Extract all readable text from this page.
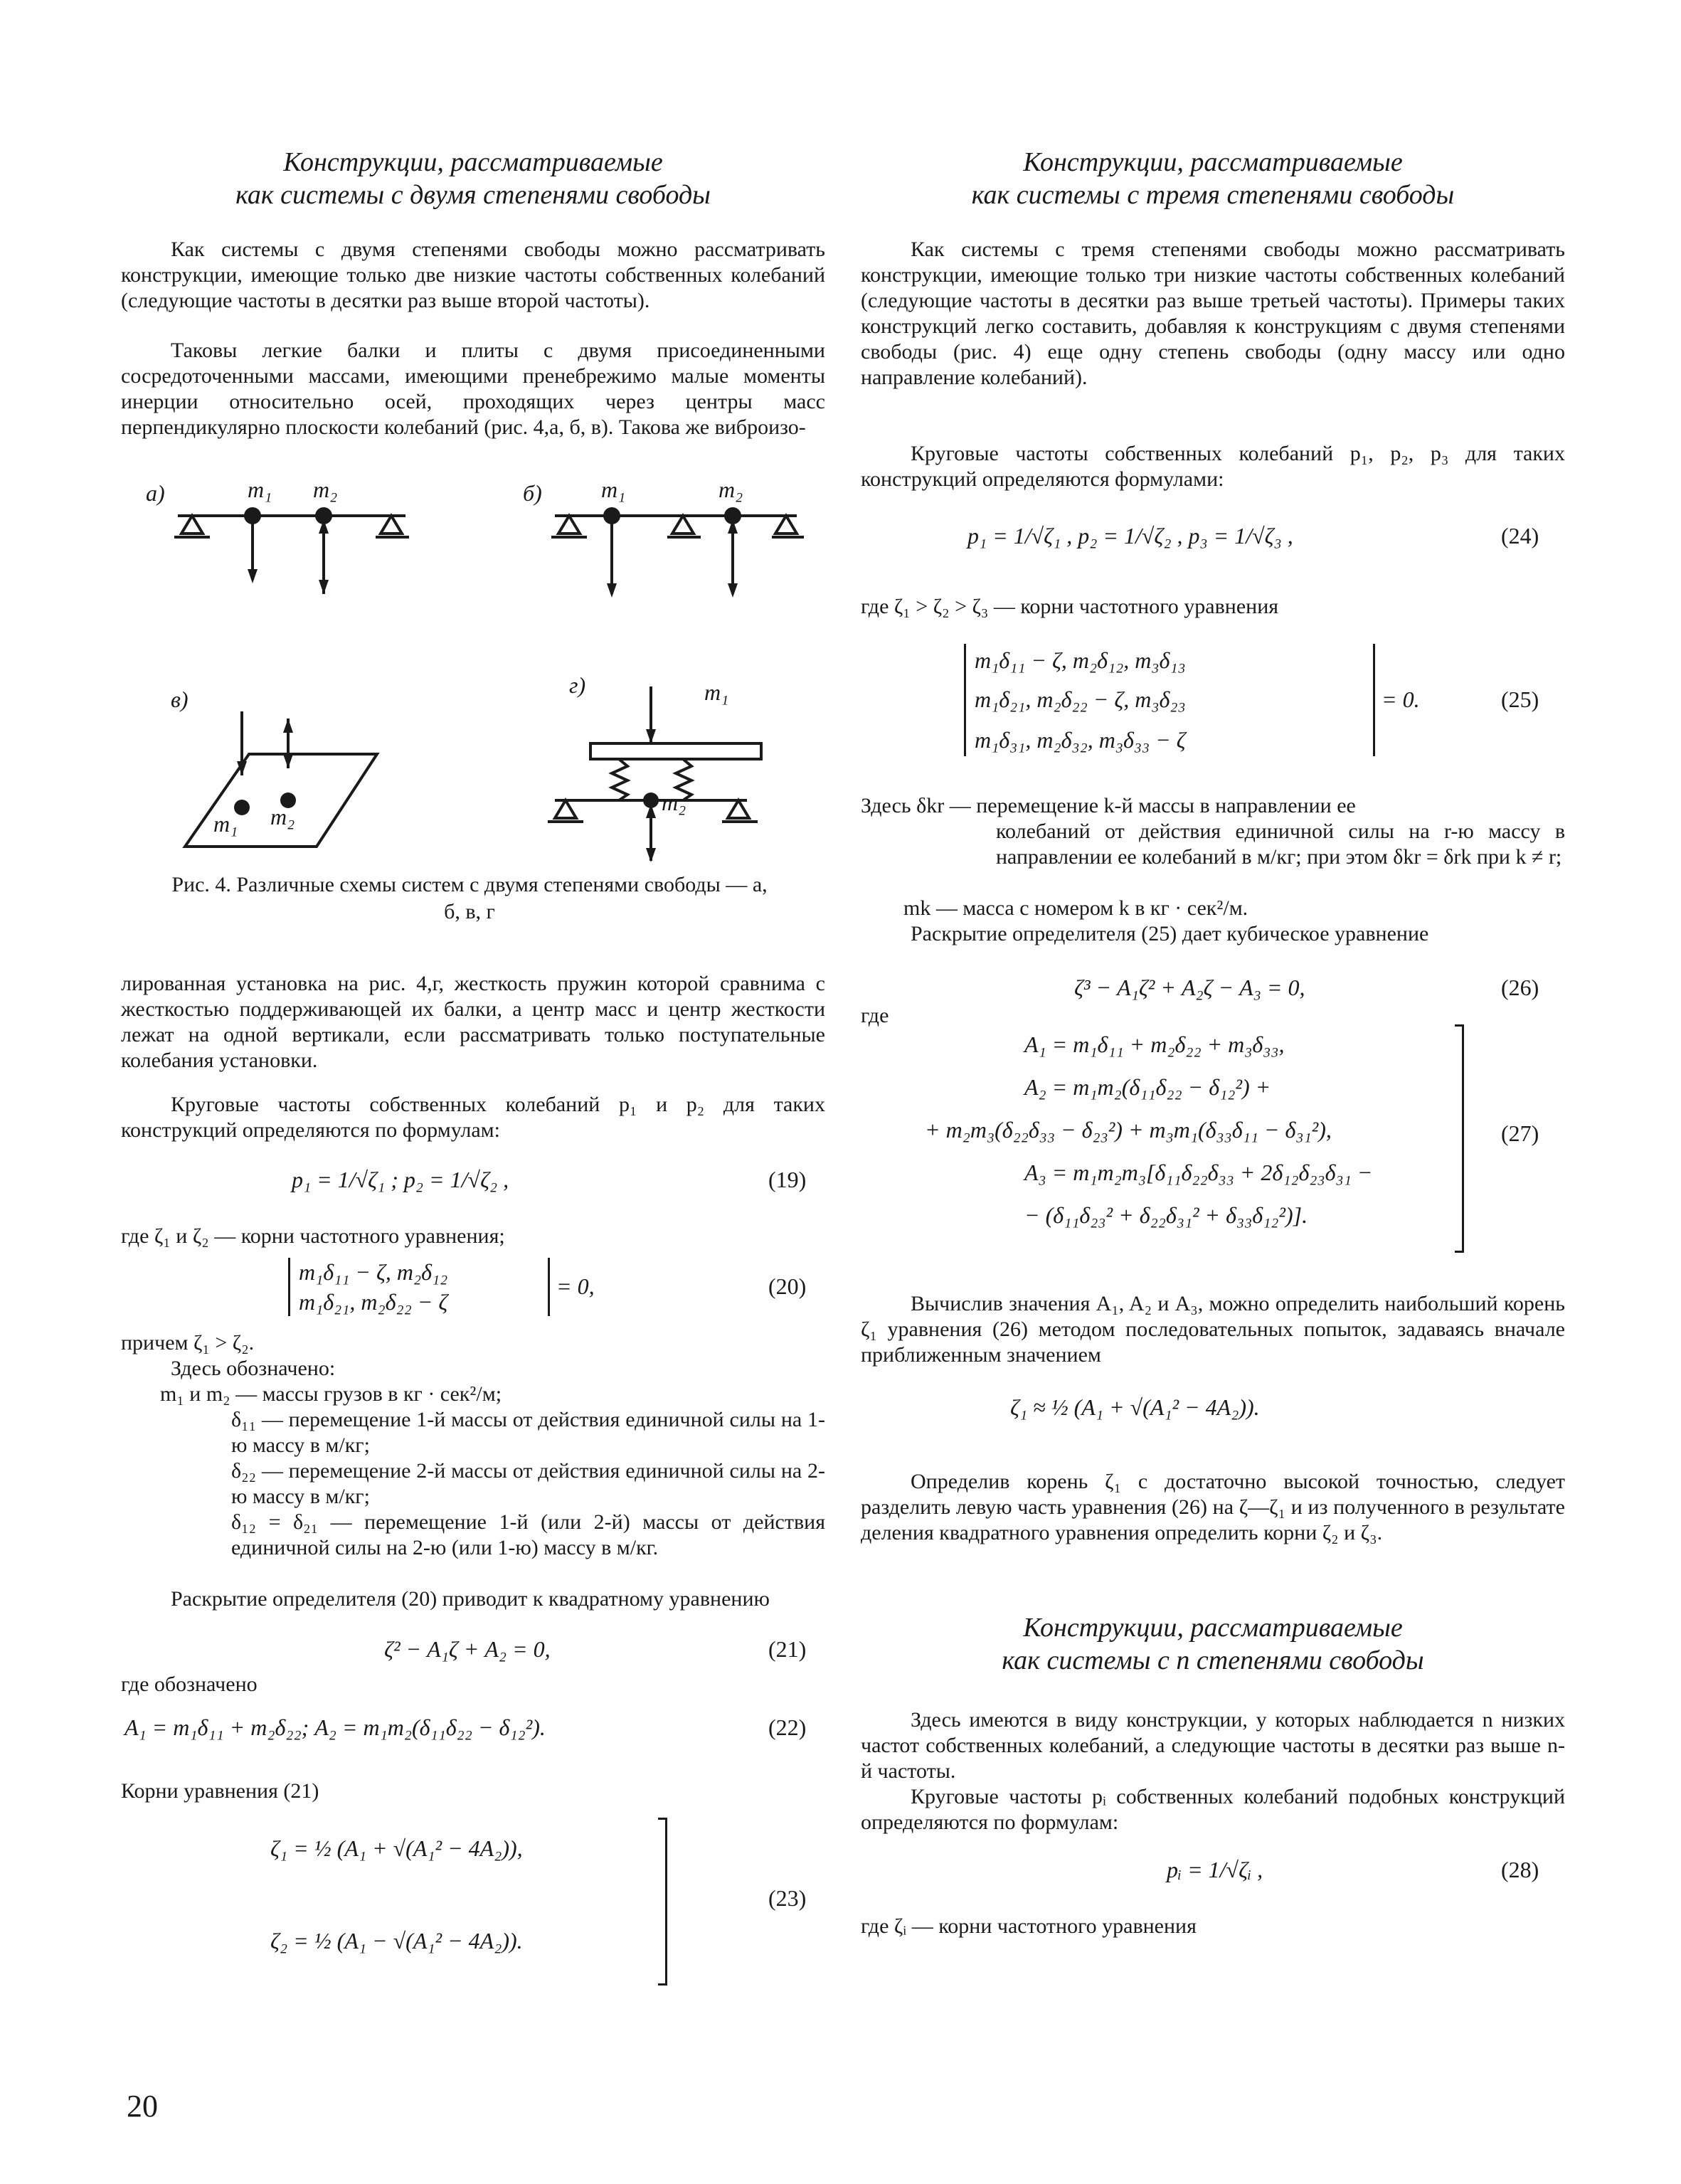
Конструкции, рассматриваемые
как системы с двумя степенями свободы
Как системы с двумя степенями свободы можно рассматривать конструкции, имеющие только две низкие частоты собственных колебаний (следующие частоты в десятки раз выше второй частоты).
Таковы легкие балки и плиты с двумя присоединенными сосредоточенными массами, имеющими пренебрежимо малые моменты инерции относительно осей, проходящих через центры масс перпендикулярно плоскости колебаний (рис. 4,а, б, в). Такова же виброизо-
а)	m₁ m₂	б)	m₁	m₂
в)
г)
m₁ m₂
m₁
m₂
Рис. 4. Различные схемы систем с двумя степенями свободы — а, б, в, г
лированная установка на рис. 4,г, жесткость пружин которой сравнима с жесткостью поддерживающей их балки, а центр масс и центр жесткости лежат на одной вертикали, если рассматривать только поступательные колебания установки.
Круговые частоты собственных колебаний p₁ и p₂ для таких конструкций определяются по формулам:
p₁ = 1/√ζ₁ ; p₂ = 1/√ζ₂ ,	(19)
где ζ₁ и ζ₂ — корни частотного уравнения;
m₁δ₁₁ − ζ, m₂δ₁₂
m₁δ₂₁, m₂δ₂₂ − ζ
= 0,	(20)
причем ζ₁ > ζ₂.
Здесь обозначено:
m₁ и m₂ — массы грузов в кг · сек²/м;
δ₁₁ — перемещение 1-й массы от действия единичной силы на 1-ю массу в м/кг;
δ₂₂ — перемещение 2-й массы от действия единичной силы на 2-ю массу в м/кг;
δ₁₂ = δ₂₁ — перемещение 1-й (или 2-й) массы от действия единичной силы на 2-ю (или 1-ю) массу в м/кг.
Раскрытие определителя (20) приводит к квадратному уравнению
ζ² − A₁ζ + A₂ = 0,	(21)
где обозначено
A₁ = m₁δ₁₁ + m₂δ₂₂; A₂ = m₁m₂(δ₁₁δ₂₂ − δ₁₂²).	(22)
Корни уравнения (21)
ζ₁ = ½ (A₁ + √(A₁² − 4A₂)),
ζ₂ = ½ (A₁ − √(A₁² − 4A₂)).
(23)
Конструкции, рассматриваемые
как системы с тремя степенями свободы
Как системы с тремя степенями свободы можно рассматривать конструкции, имеющие только три низкие частоты собственных колебаний (следующие частоты в десятки раз выше третьей частоты). Примеры таких конструкций легко составить, добавляя к конструкциям с двумя степенями свободы (рис. 4) еще одну степень свободы (одну массу или одно направление колебаний).
Круговые частоты собственных колебаний p₁, p₂, p₃ для таких конструкций определяются формулами:
p₁ = 1/√ζ₁ , p₂ = 1/√ζ₂ , p₃ = 1/√ζ₃ ,	(24)
где ζ₁ > ζ₂ > ζ₃ — корни частотного уравнения
m₁δ₁₁ − ζ, m₂δ₁₂, m₃δ₁₃
m₁δ₂₁, m₂δ₂₂ − ζ, m₃δ₂₃
m₁δ₃₁, m₂δ₃₂, m₃δ₃₃ − ζ
= 0.	(25)
Здесь δkr — перемещение k-й массы в направлении ее
колебаний от действия единичной силы на r-ю массу в направлении ее колебаний в м/кг; при этом δkr = δrk при k ≠ r;
mk — масса с номером k в кг · сек²/м.
Раскрытие определителя (25) дает кубическое уравнение
ζ³ − A₁ζ² + A₂ζ − A₃ = 0,	(26)
где
A₁ = m₁δ₁₁ + m₂δ₂₂ + m₃δ₃₃,
A₂ = m₁m₂(δ₁₁δ₂₂ − δ₁₂²) +
+ m₂m₃(δ₂₂δ₃₃ − δ₂₃²) + m₃m₁(δ₃₃δ₁₁ − δ₃₁²),
A₃ = m₁m₂m₃[δ₁₁δ₂₂δ₃₃ + 2δ₁₂δ₂₃δ₃₁ −
− (δ₁₁δ₂₃² + δ₂₂δ₃₁² + δ₃₃δ₁₂²)].
(27)
Вычислив значения A₁, A₂ и A₃, можно определить наибольший корень ζ₁ уравнения (26) методом последовательных попыток, задаваясь вначале приближенным значением
ζ₁ ≈ ½ (A₁ + √(A₁² − 4A₂)).
Определив корень ζ₁ с достаточно высокой точностью, следует разделить левую часть уравнения (26) на ζ—ζ₁ и из полученного в результате деления квадратного уравнения определить корни ζ₂ и ζ₃.
Конструкции, рассматриваемые
как системы с n степенями свободы
Здесь имеются в виду конструкции, у которых наблюдается n низких частот собственных колебаний, а следующие частоты в десятки раз выше n-й частоты.
Круговые частоты pᵢ собственных колебаний подобных конструкций определяются по формулам:
pᵢ = 1/√ζᵢ ,	(28)
где ζᵢ — корни частотного уравнения
20
